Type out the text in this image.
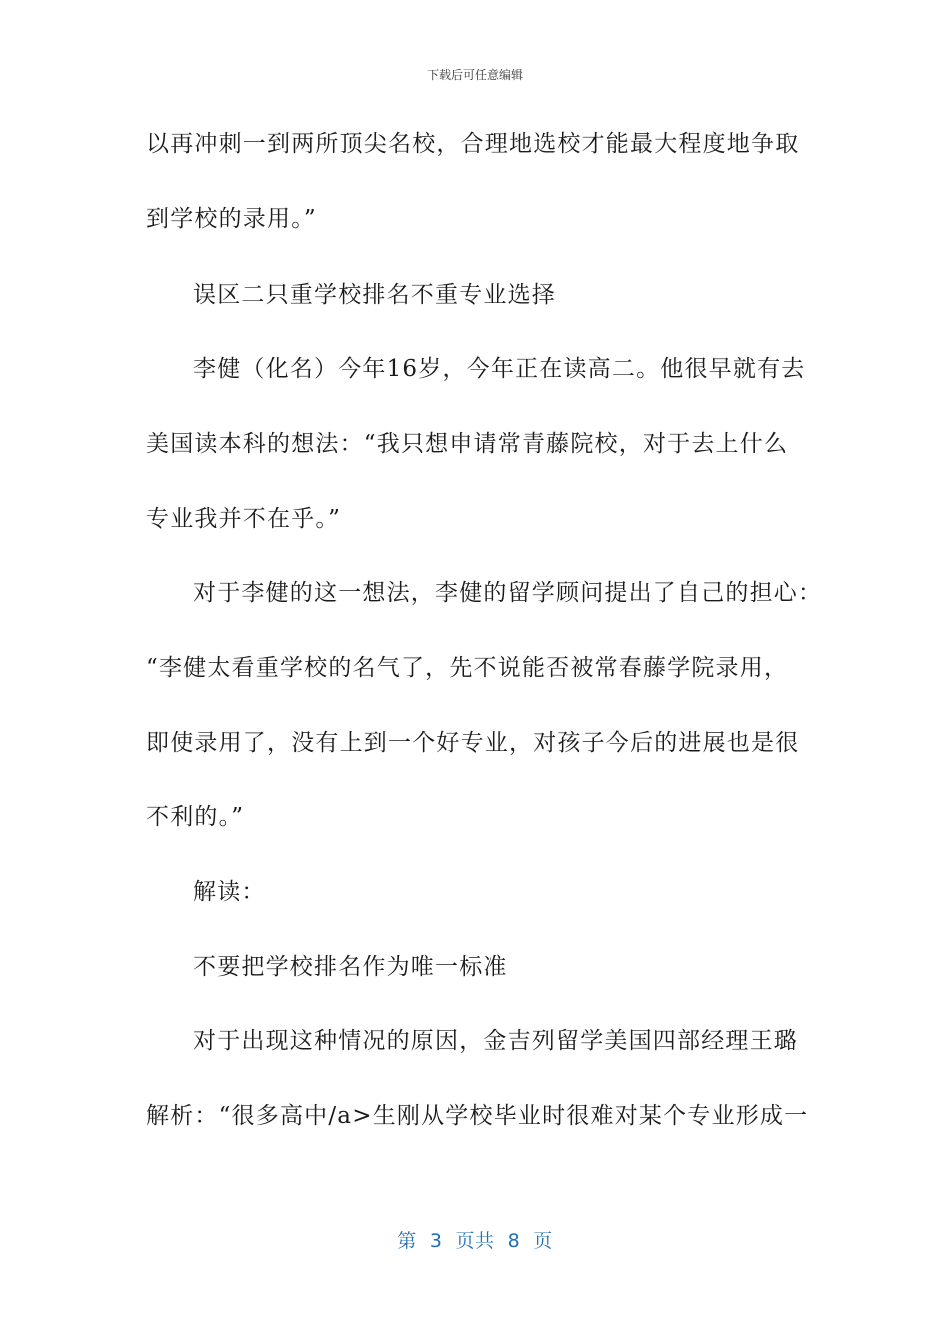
下载后可任意编辑
以再冲刺一到两所顶尖名校，合理地选校才能最大程度地争取
到学校的录用。”
误区二只重学校排名不重专业选择
李健（化名）今年16岁，今年正在读高二。他很早就有去
美国读本科的想法：“我只想申请常青藤院校，对于去上什么
专业我并不在乎。”
对于李健的这一想法，李健的留学顾问提出了自己的担心：
“李健太看重学校的名气了，先不说能否被常春藤学院录用，
即使录用了，没有上到一个好专业，对孩子今后的进展也是很
不利的。”
解读：
不要把学校排名作为唯一标准
对于出现这种情况的原因，金吉列留学美国四部经理王璐
解析：“很多高中/a>生刚从学校毕业时很难对某个专业形成一
第  3  页共  8  页
